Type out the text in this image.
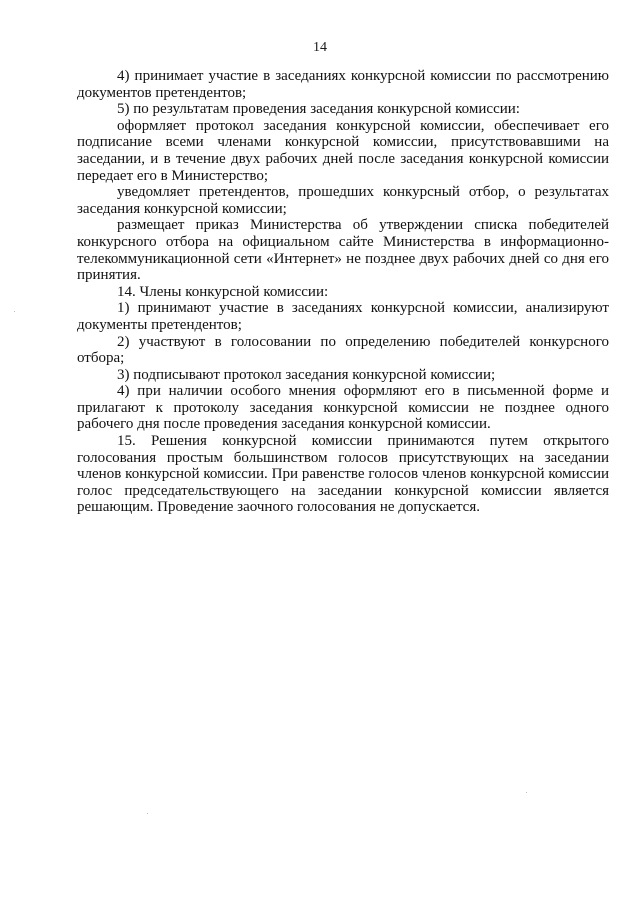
14

4) принимает участие в заседаниях конкурсной комиссии по рассмотрению документов претендентов;

5) по результатам проведения заседания конкурсной комиссии:

оформляет протокол заседания конкурсной комиссии, обеспечивает его подписание всеми членами конкурсной комиссии, присутствовавшими на заседании, и в течение двух рабочих дней после заседания конкурсной комиссии передает его в Министерство;

уведомляет претендентов, прошедших конкурсный отбор, о результатах заседания конкурсной комиссии;

размещает приказ Министерства об утверждении списка победителей конкурсного отбора на официальном сайте Министерства в информационно-телекоммуникационной сети «Интернет» не позднее двух рабочих дней со дня его принятия.

14. Члены конкурсной комиссии:

1) принимают участие в заседаниях конкурсной комиссии, анализируют документы претендентов;

2) участвуют в голосовании по определению победителей конкурсного отбора;

3) подписывают протокол заседания конкурсной комиссии;

4) при наличии особого мнения оформляют его в письменной форме и прилагают к протоколу заседания конкурсной комиссии не позднее одного рабочего дня после проведения заседания конкурсной комиссии.

15. Решения конкурсной комиссии принимаются путем открытого голосования простым большинством голосов присутствующих на заседании членов конкурсной комиссии. При равенстве голосов членов конкурсной комиссии голос председательствующего на заседании конкурсной комиссии является решающим. Проведение заочного голосования не допускается.
